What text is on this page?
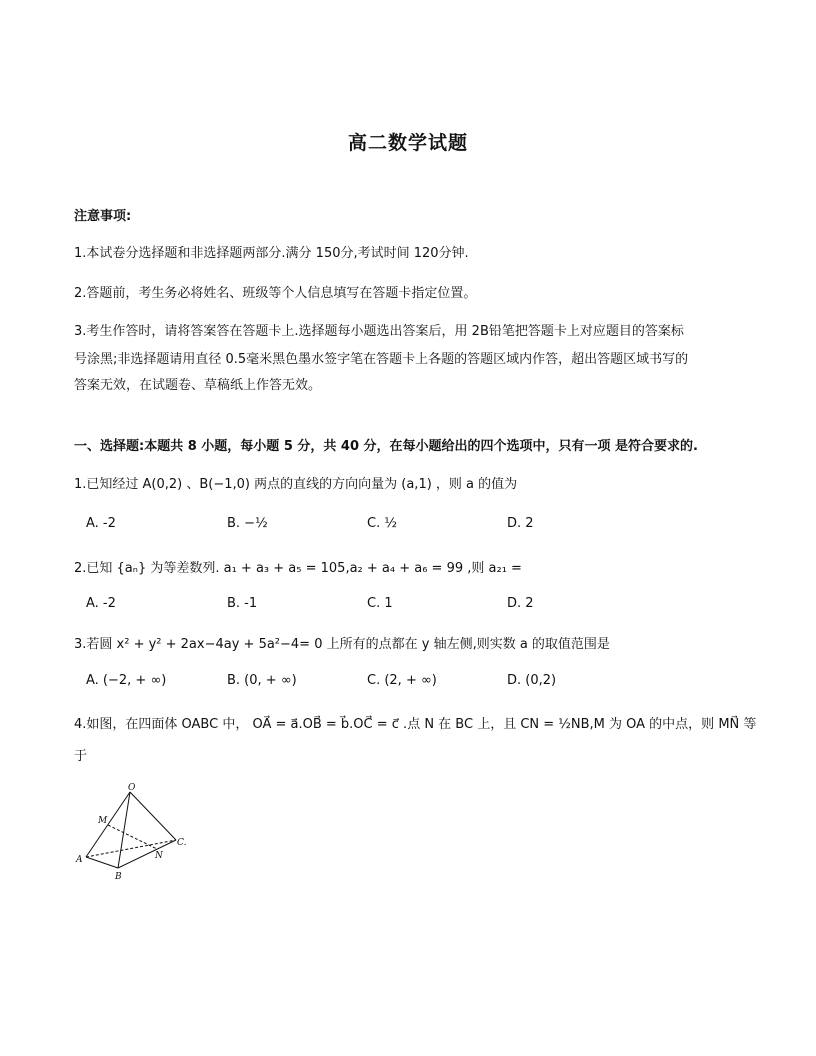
高二数学试题
注意事项:
1.本试卷分选择题和非选择题两部分.满分 150分,考试时间 120分钟.
2.答题前，考生务必将姓名、班级等个人信息填写在答题卡指定位置。
3.考生作答时，请将答案答在答题卡上.选择题每小题选出答案后，用 2B铅笔把答题卡上对应题目的答案标
号涂黑;非选择题请用直径 0.5毫米黑色墨水签字笔在答题卡上各题的答题区域内作答，超出答题区域书写的
答案无效，在试题卷、草稿纸上作答无效。
一、选择题:本题共 8 小题，每小题 5 分，共 40 分，在每小题给出的四个选项中，只有一项 是符合要求的.
1.已知经过 A(0,2) 、B(−1,0) 两点的直线的方向向量为 (a,1) ，则 a 的值为
A. -2	B. −½	C. ½	D. 2
2.已知 {aₙ} 为等差数列. a₁ + a₃ + a₅ = 105,a₂ + a₄ + a₆ = 99 ,则 a₂₁ =
A. -2	B. -1	C. 1	D. 2
3.若圆 x² + y² + 2ax−4ay + 5a²−4= 0 上所有的点都在 y 轴左侧,则实数 a 的取值范围是
A. (−2, + ∞)	B. (0, + ∞)	C. (2, + ∞)	D. (0,2)
4.如图，在四面体 OABC 中， OA⃗ = a⃗.OB⃗ = b⃗.OC⃗ = c⃗ .点 N 在 BC 上，且 CN = ½NB,M 为 OA 的中点，则 MN⃗ 等
于
O
M
A
B
C.
N
